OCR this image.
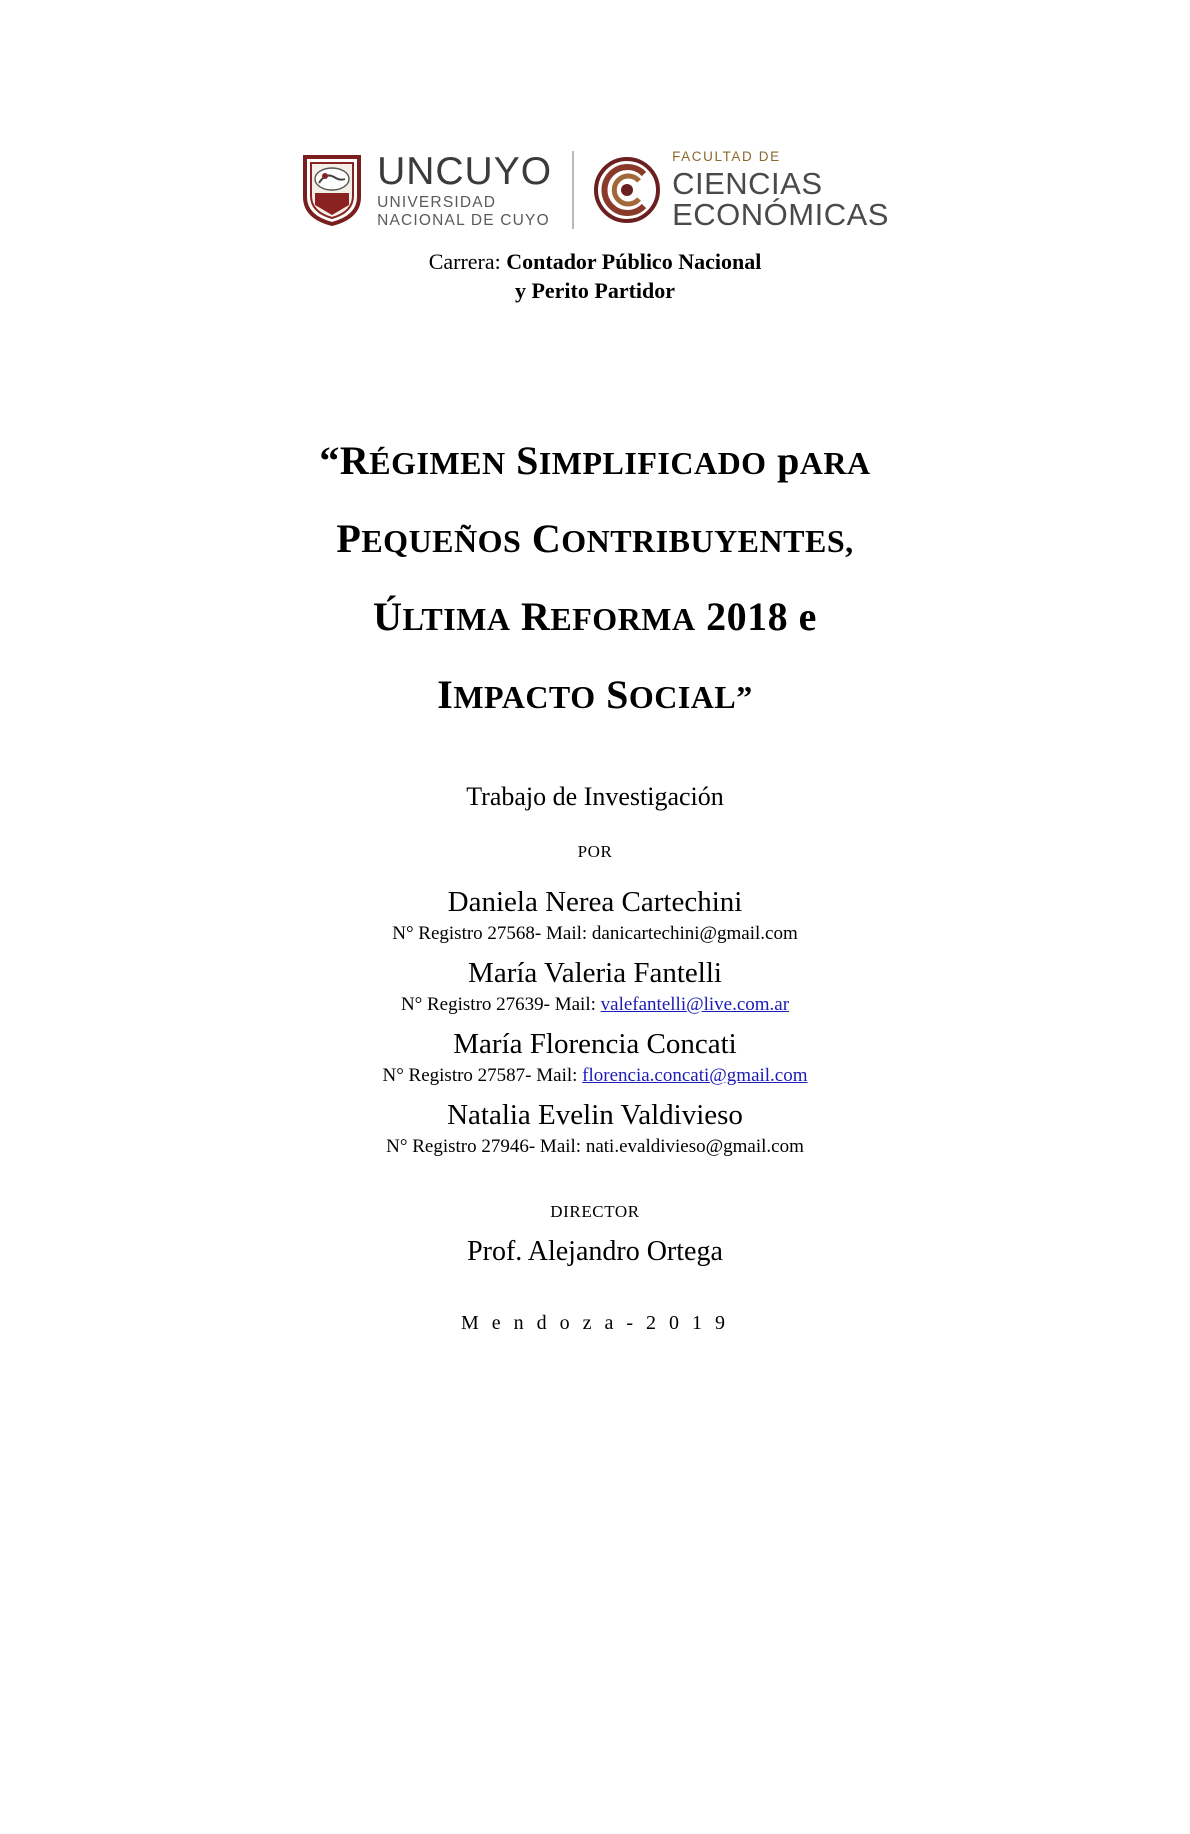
UNCUYO
UNIVERSIDAD
NACIONAL DE CUYO
FACULTAD DE
CIENCIAS
ECONÓMICAS
Carrera: Contador Público Nacional
y Perito Partidor
“RÉGIMEN SIMPLIFICADO pARA
PEQUEÑOS CONTRIBUYENTES,
ÚLTIMA REFORMA 2018 e
IMPACTO SOCIAL”
Trabajo de Investigación
POR
Daniela Nerea Cartechini
N° Registro 27568- Mail: danicartechini@gmail.com
María Valeria Fantelli
N° Registro 27639- Mail: valefantelli@live.com.ar
María Florencia Concati
N° Registro 27587- Mail: florencia.concati@gmail.com
Natalia Evelin Valdivieso
N° Registro 27946- Mail: nati.evaldivieso@gmail.com
DIRECTOR
Prof. Alejandro Ortega
M e n d o z a - 2 0 1 9
